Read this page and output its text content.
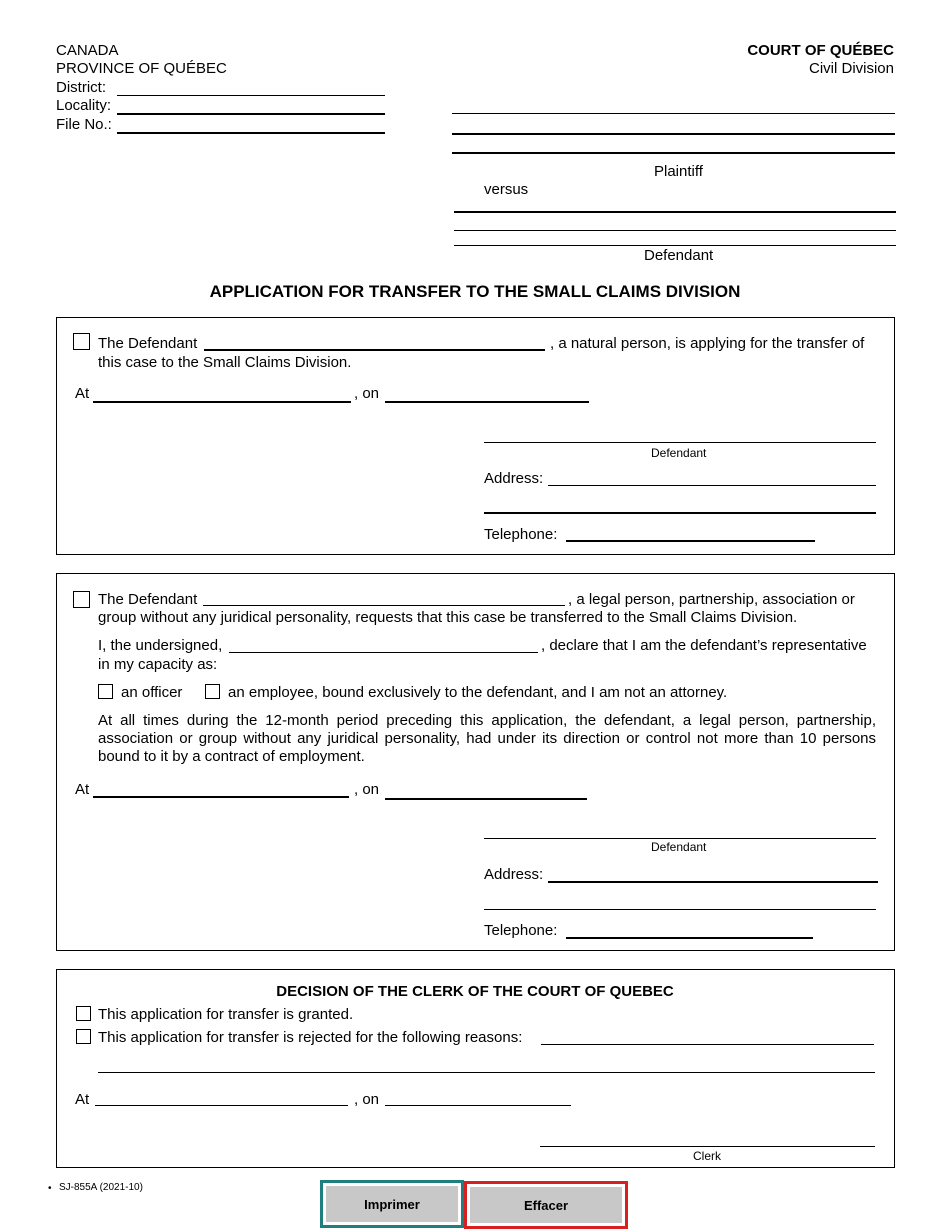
CANADA
PROVINCE OF QUÉBEC
District:
Locality:
File No.:
COURT OF QUÉBEC
Civil Division
Plaintiff
versus
Defendant
APPLICATION FOR TRANSFER TO THE SMALL CLAIMS DIVISION
The Defendant	, a natural person, is applying for the transfer of
this case to the Small Claims Division.
At	, on
Defendant
Address:
Telephone:
The Defendant	, a legal person, partnership, association or
group without any juridical personality, requests that this case be transferred to the Small Claims Division.
I, the undersigned,	, declare that I am the defendant’s representative
in my capacity as:
an officer	an employee, bound exclusively to the defendant, and I am not an attorney.
At all times during the 12-month period preceding this application, the defendant, a legal person, partnership, association or group without any juridical personality, had under its direction or control not more than 10 persons bound to it by a contract of employment.
At	, on
Defendant
Address:
Telephone:
DECISION OF THE CLERK OF THE COURT OF QUEBEC
This application for transfer is granted.
This application for transfer is rejected for the following reasons:
At	, on
Clerk
• SJ-855A (2021-10)
Imprimer	Effacer
